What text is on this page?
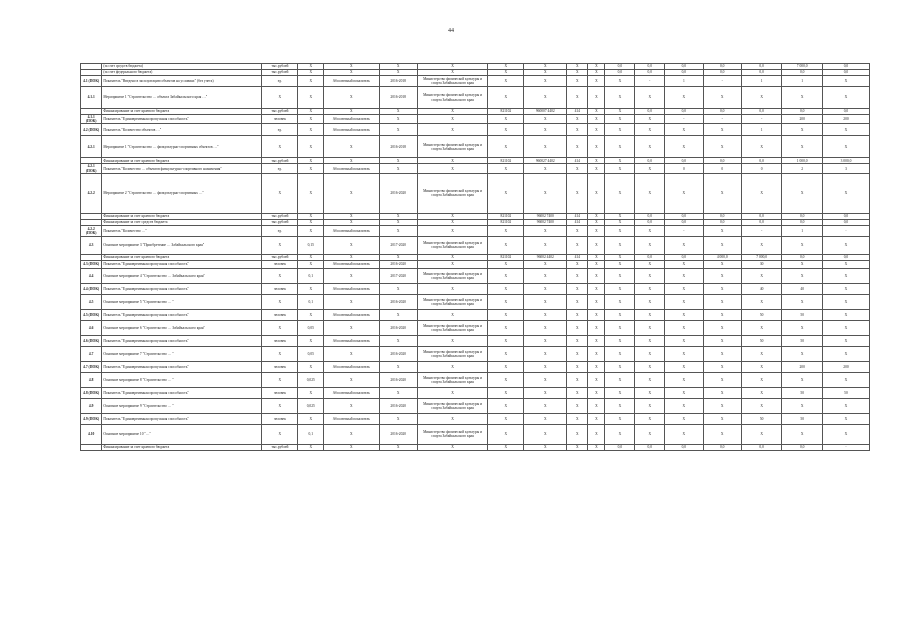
44
	(за счет средств бюджета)	тыс.рублей	Х	Х	Х	Х	Х	Х	Х	Х	0,0	0,0	0,0	0,0	0,0	7 000,0	0,0
	(за счет федерального бюджета)	тыс.рублей	Х	Х	Х	Х	Х	Х	Х	Х	0,0	0,0	0,0	0,0	0,0	0,0	0,0
4.1 (ПОК)	Показатель "Введено в эксплуатацию объектов на условиях" (без учета)	ед.	Х	Абсолютный показатель	2016-2018	Министерство физической культуры и спорта Забайкальского края	Х	Х	Х	Х	Х	-	1	-	1	1	Х
4.1.1	Мероприятие 1 "Строительство … объекта Забайкальского края …"	Х	Х	Х	2016-2018	Министерство физической культуры и спорта Забайкальского края	Х	Х	Х	Х	Х	Х	Х	Х	Х	Х	Х
	Финансирование за счет краевого бюджета	тыс.рублей	Х	Х	Х	Х	821102	960007 4402	414	Х	Х	0,0	0,0	0,0	0,0	0,0	0,0
4.1.1 (ПОК)	Показатель "Единовременная пропускная способность"	человек	Х	Абсолютный показатель	Х	Х	Х	Х	Х	Х	Х	Х	-	-	-	200	200
4.2 (ПОК)	Показатель "Количество объектов …"	ед.	Х	Абсолютный показатель	Х	Х	Х	Х	Х	Х	Х	Х	Х	Х	1	Х	Х
4.2.1	Мероприятие 1 "Строительство … физкультурно-спортивных объектов …"	Х	Х	Х	2016-2018	Министерство физической культуры и спорта Забайкальского края	Х	Х	Х	Х	Х	Х	Х	Х	Х	Х	Х
	Финансирование за счет краевого бюджета	тыс.рублей	Х	Х	Х	Х	821102	960027 4402	414	Х	Х	0,0	0,0	0,0	0,0	1 000,0	3 000,0
4.2.1 (ПОК)	Показатель "Количество … объектов физкультурно-спортивного назначения"	ед.	Х	Абсолютный показатель	Х	Х	Х	Х	Х	Х	Х	Х	0	0	0	2	3
4.2.2	Мероприятие 2 "Строительство … физкультурно-спортивных …"	Х	Х	Х	2016-2020	Министерство физической культуры и спорта Забайкальского края	Х	Х	Х	Х	Х	Х	Х	Х	Х	Х	Х
	Финансирование за счет краевого бюджета	тыс.рублей	Х	Х	Х	Х	821102	96002 7400	414	Х	Х	0,0	0,0	0,0	0,0	0,0	0,0
	Финансирование за счет средств бюджета	тыс.рублей	Х	Х	Х	Х	821102	96002 7400	414	Х	Х	0,0	0,0	0,0	0,0	0,0	0,0
4.2.2 (ПОК)	Показатель "Количество …"	ед.	Х	Абсолютный показатель	Х	Х	Х	Х	Х	Х	Х	Х	-	Х	-	1	-
4.3	Основное мероприятие 3 "Приобретение … Забайкальского края"	Х	0,15	Х	2017-2020	Министерство физической культуры и спорта Забайкальского края	Х	Х	Х	Х	Х	Х	Х	Х	Х	Х	Х
	Финансирование за счет краевого бюджета	тыс.рублей	Х	Х	Х	Х	821102	96002 4402	414	Х	Х	0,0	0,0	4 000,0	7 000,0	0,0	0,0
4.3 (ПОК)	Показатель "Единовременная пропускная способность"	человек	Х	Абсолютный показатель	2016-2020	Х	Х	Х	Х	Х	Х	Х	Х	Х	30	Х	Х
4.4	Основное мероприятие 4 "Строительство … Забайкальского края"	Х	0,1	Х	2017-2020	Министерство физической культуры и спорта Забайкальского края	Х	Х	Х	Х	Х	Х	Х	Х	Х	Х	Х
4.4 (ПОК)	Показатель "Единовременная пропускная способность"	человек	Х	Абсолютный показатель	Х	Х	Х	Х	Х	Х	Х	Х	Х	Х	40	40	Х
4.5	Основное мероприятие 5 "Строительство … "	Х	0,1	Х	2016-2020	Министерство физической культуры и спорта Забайкальского края	Х	Х	Х	Х	Х	Х	Х	Х	Х	Х	Х
4.5 (ПОК)	Показатель "Единовременная пропускная способность"	человек	Х	Абсолютный показатель	Х	Х	Х	Х	Х	Х	Х	Х	Х	Х	50	50	Х
4.6	Основное мероприятие 6 "Строительство … Забайкальского края"	Х	0,05	Х	2016-2020	Министерство физической культуры и спорта Забайкальского края	Х	Х	Х	Х	Х	Х	Х	Х	Х	Х	Х
4.6 (ПОК)	Показатель "Единовременная пропускная способность"	человек	Х	Абсолютный показатель	Х	Х	Х	Х	Х	Х	Х	Х	Х	Х	50	50	Х
4.7	Основное мероприятие 7 "Строительство … "	Х	0,05	Х	2016-2020	Министерство физической культуры и спорта Забайкальского края	Х	Х	Х	Х	Х	Х	Х	Х	Х	Х	Х
4.7 (ПОК)	Показатель "Единовременная пропускная способность"	человек	Х	Абсолютный показатель	Х	Х	Х	Х	Х	Х	Х	Х	Х	Х	Х	200	200
4.8	Основное мероприятие 8 "Строительство … "	Х	0,025	Х	2016-2020	Министерство физической культуры и спорта Забайкальского края	Х	Х	Х	Х	Х	Х	Х	Х	Х	Х	Х
4.8 (ПОК)	Показатель "Единовременная пропускная способность"	человек	Х	Абсолютный показатель	Х	Х	Х	Х	Х	Х	Х	Х	Х	Х	Х	50	50
4.9	Основное мероприятие 9 "Строительство … "	Х	0,025	Х	2016-2020	Министерство физической культуры и спорта Забайкальского края	Х	Х	Х	Х	Х	Х	Х	Х	Х	Х	Х
4.9 (ПОК)	Показатель "Единовременная пропускная способность"	человек	Х	Абсолютный показатель	Х	Х	Х	Х	Х	Х	Х	Х	Х	Х	50	50	Х
4.10	Основное мероприятие 10 "…"	Х	0,1	Х	2016-2020	Министерство физической культуры и спорта Забайкальского края	Х	Х	Х	Х	Х	Х	Х	Х	Х	Х	Х
	Финансирование за счет краевого бюджета	тыс.рублей	Х	Х	Х	Х	Х	Х	Х	Х	0,0	0,0	0,0	0,0	0,0	0,0	-
